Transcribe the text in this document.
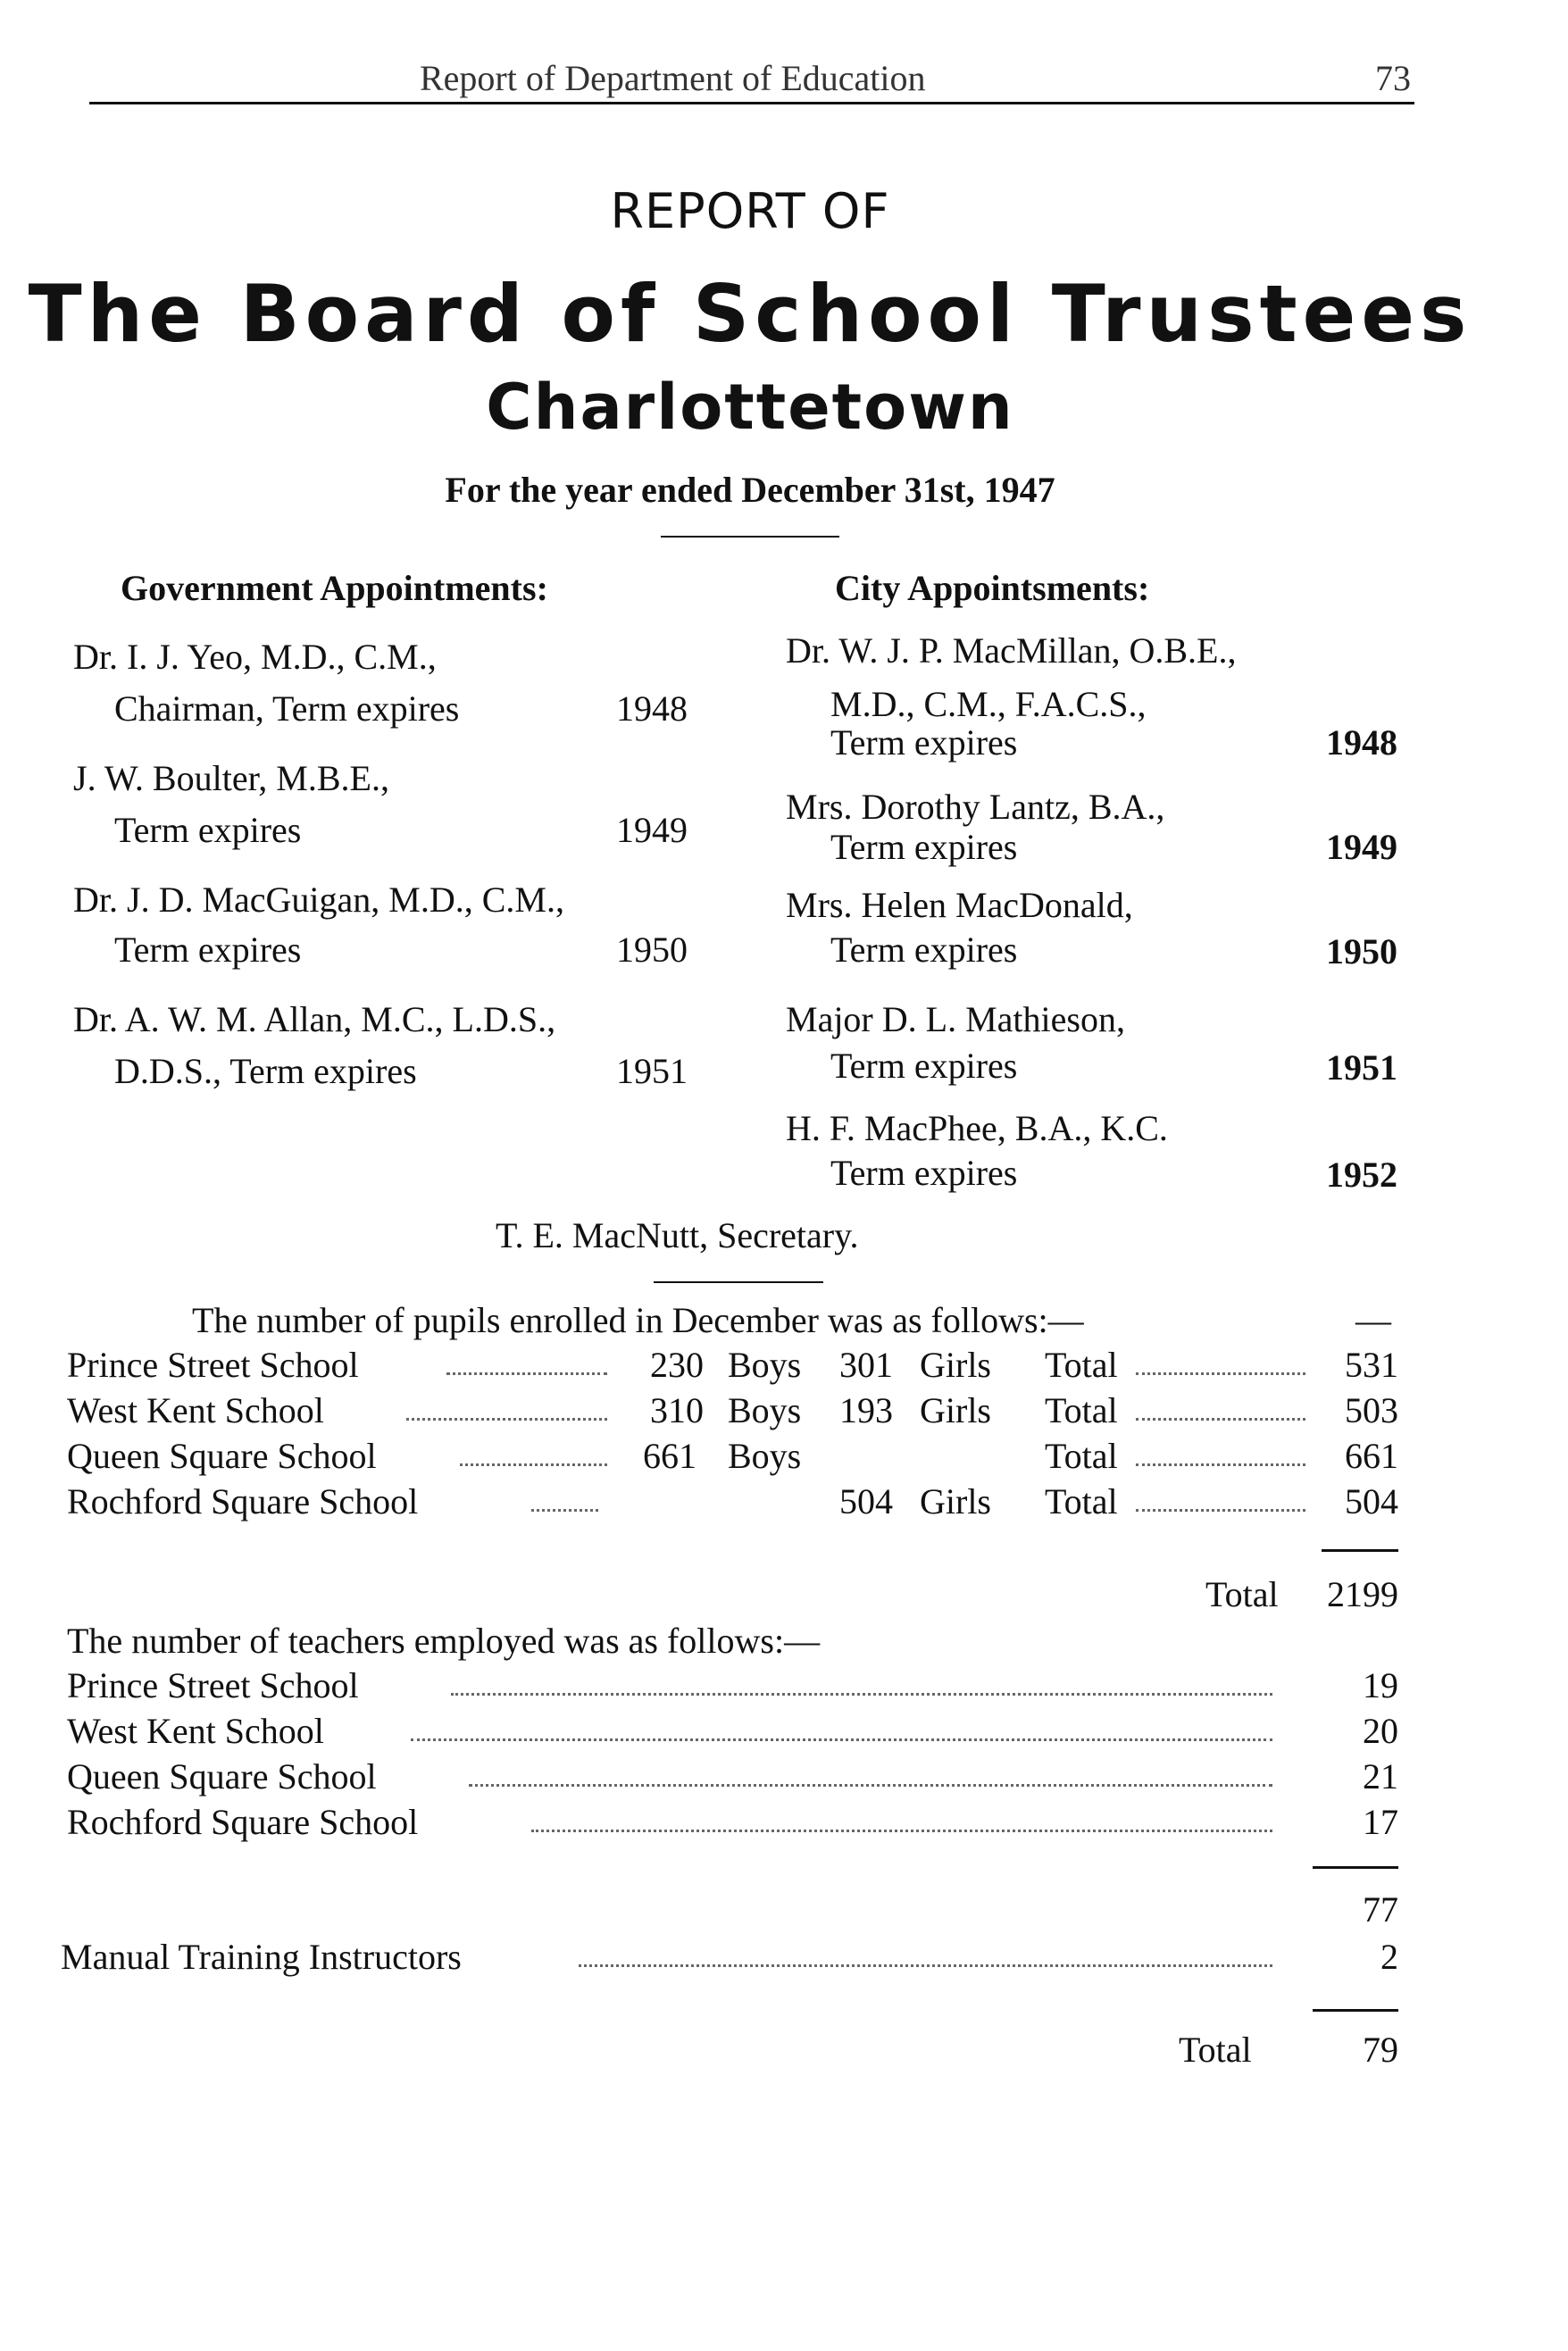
Report of Department of Education	73
REPORT OF
The Board of School Trustees
Charlottetown
For the year ended December 31st, 1947
Government Appointments:
Dr. I. J. Yeo, M.D., C.M.,
Chairman, Term expires	1948
J. W. Boulter, M.B.E.,
Term expires	1949
Dr. J. D. MacGuigan, M.D., C.M.,
Term expires	1950
Dr. A. W. M. Allan, M.C., L.D.S.,
D.D.S., Term expires	1951
City Appointsments:
Dr. W. J. P. MacMillan, O.B.E.,
M.D., C.M., F.A.C.S.,
Term expires	1948
Mrs. Dorothy Lantz, B.A.,
Term expires	1949
Mrs. Helen MacDonald,
Term expires	1950
Major D. L. Mathieson,
Term expires	1951
H. F. MacPhee, B.A., K.C.
Term expires	1952
T. E. MacNutt, Secretary.
The number of pupils enrolled in December was as follows:—	—
Prince Street School	230 Boys 301 Girls Total	531
West Kent School	310 Boys 193 Girls Total	503
Queen Square School	661 Boys	Total	661
Rochford Square School	504 Girls Total	504
Total	2199
The number of teachers employed was as follows:—
Prince Street School	19
West Kent School	20
Queen Square School	21
Rochford Square School	17
77
Manual Training Instructors	2
Total	79
